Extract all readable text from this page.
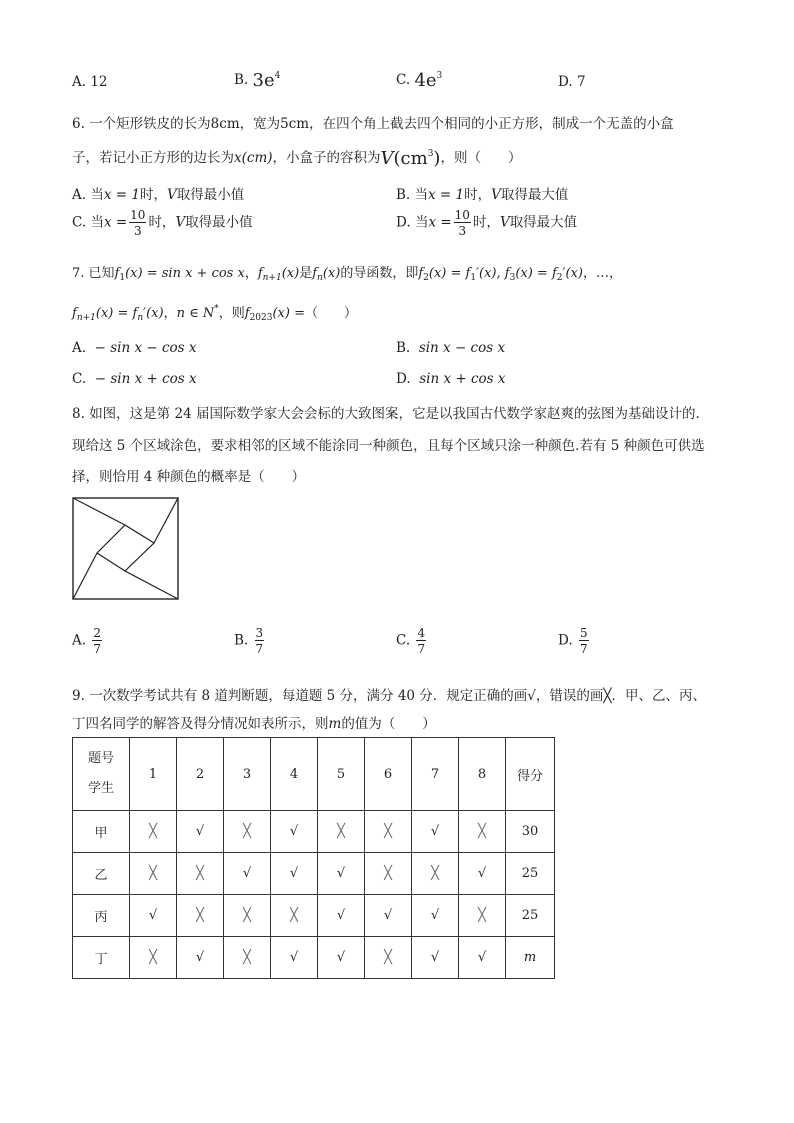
A. 12	B. $3e^4$	C. $4e^3$	D. 7
6. 一个矩形铁皮的长为8cm，宽为5cm，在四个角上截去四个相同的小正方形，制成一个无盖的小盒
子，若记小正方形的边长为x(cm)，小盒子的容积为$V(cm^3)$，则（　　）
A. 当x = 1时，V取得最小值	B. 当x = 1时，V取得最大值
C. 当$x = \frac{10}{3}$ 时，V取得最小值	D. 当$x = \frac{10}{3}$ 时，V取得最大值
7. 已知$f_1(x) = \sin x + \cos x$，$f_{n+1}(x)$是$f_n(x)$的导函数，即$f_2(x) = f_1'(x)$, $f_3(x) = f_2'(x)$，…，
$f_{n+1}(x) = f_n'(x)$，n ∈ N*，则$f_{2023}(x)$ =（　　）
A. − sin x − cos x	B. sin x − cos x
C. − sin x + cos x	D. sin x + cos x
8. 如图，这是第 24 届国际数学家大会会标的大致图案，它是以我国古代数学家赵爽的弦图为基础设计的.
现给这 5 个区域涂色，要求相邻的区域不能涂同一种颜色，且每个区域只涂一种颜色.若有 5 种颜色可供选
择，则恰用 4 种颜色的概率是（　　）
A. $\frac{2}{7}$	B. $\frac{3}{7}$	C. $\frac{4}{7}$	D. $\frac{5}{7}$
9. 一次数学考试共有 8 道判断题，每道题 5 分，满分 40 分．规定正确的画√，错误的画╳．甲、乙、丙、
丁四名同学的解答及得分情况如表所示，则m的值为（　　）
题号
学生	1	2	3	4	5	6	7	8	得分
甲	╳	√	╳	√	╳	╳	√	╳	30
乙	╳	╳	√	√	√	╳	╳	√	25
丙	√	╳	╳	╳	√	√	√	╳	25
丁	╳	√	╳	√	√	╳	√	√	m
